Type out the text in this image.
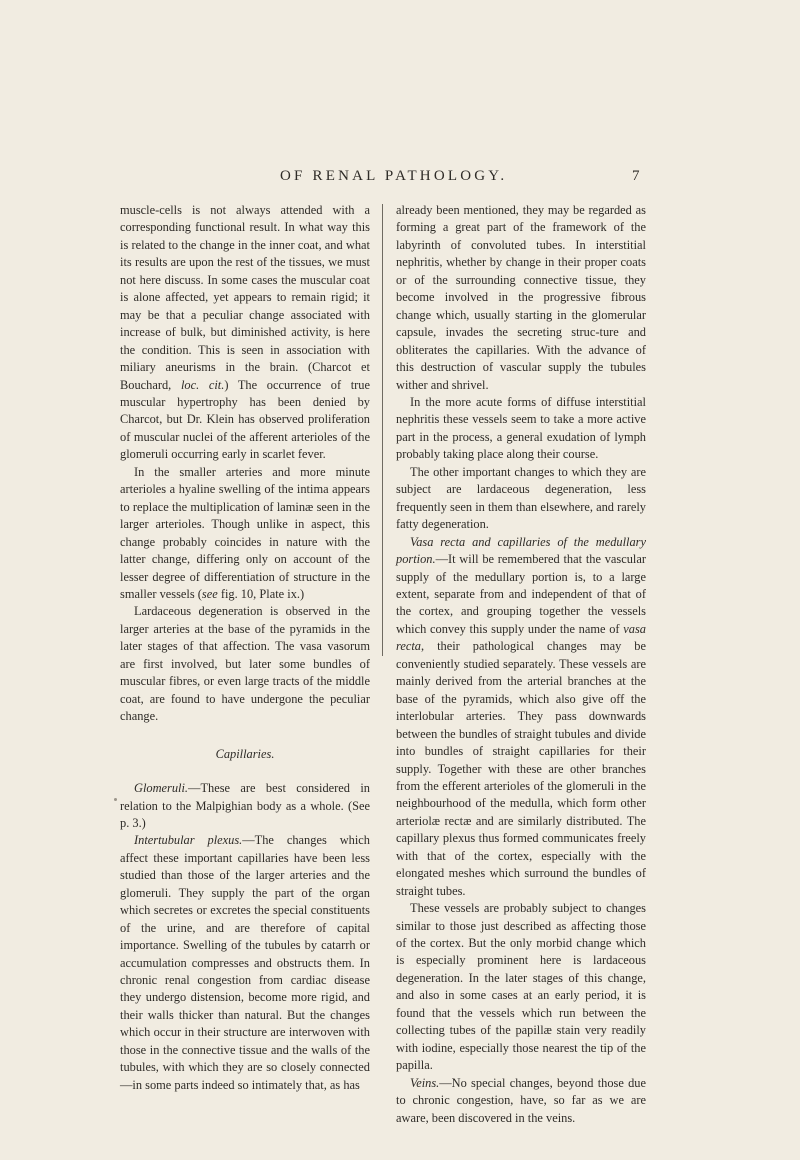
OF RENAL PATHOLOGY.	7

muscle-cells is not always attended with a corresponding functional result. In what way this is related to the change in the inner coat, and what its results are upon the rest of the tissues, we must not here discuss. In some cases the muscular coat is alone affected, yet appears to remain rigid; it may be that a peculiar change associated with increase of bulk, but diminished activity, is here the condition. This is seen in association with miliary aneurisms in the brain. (Charcot et Bouchard, loc. cit.) The occurrence of true muscular hypertrophy has been denied by Charcot, but Dr. Klein has observed proliferation of muscular nuclei of the afferent arterioles of the glomeruli occurring early in scarlet fever.

In the smaller arteries and more minute arterioles a hyaline swelling of the intima appears to replace the multiplication of laminæ seen in the larger arterioles. Though unlike in aspect, this change probably coincides in nature with the latter change, differing only on account of the lesser degree of differentiation of structure in the smaller vessels (see fig. 10, Plate ix.)

Lardaceous degeneration is observed in the larger arteries at the base of the pyramids in the later stages of that affection. The vasa vasorum are first involved, but later some bundles of muscular fibres, or even large tracts of the middle coat, are found to have undergone the peculiar change.

Capillaries.

Glomeruli.—These are best considered in relation to the Malpighian body as a whole. (See p. 3.)

Intertubular plexus.—The changes which affect these important capillaries have been less studied than those of the larger arteries and the glomeruli. They supply the part of the organ which secretes or excretes the special constituents of the urine, and are therefore of capital importance. Swelling of the tubules by catarrh or accumulation compresses and obstructs them. In chronic renal congestion from cardiac disease they undergo distension, become more rigid, and their walls thicker than natural. But the changes which occur in their structure are interwoven with those in the connective tissue and the walls of the tubules, with which they are so closely connected—in some parts indeed so intimately that, as has

already been mentioned, they may be regarded as forming a great part of the framework of the labyrinth of convoluted tubes. In interstitial nephritis, whether by change in their proper coats or of the surrounding connective tissue, they become involved in the progressive fibrous change which, usually starting in the glomerular capsule, invades the secreting struc-ture and obliterates the capillaries. With the advance of this destruction of vascular supply the tubules wither and shrivel.

In the more acute forms of diffuse interstitial nephritis these vessels seem to take a more active part in the process, a general exudation of lymph probably taking place along their course.

The other important changes to which they are subject are lardaceous degeneration, less frequently seen in them than elsewhere, and rarely fatty degeneration.

Vasa recta and capillaries of the medullary portion.—It will be remembered that the vascular supply of the medullary portion is, to a large extent, separate from and independent of that of the cortex, and grouping together the vessels which convey this supply under the name of vasa recta, their pathological changes may be conveniently studied separately. These vessels are mainly derived from the arterial branches at the base of the pyramids, which also give off the interlobular arteries. They pass downwards between the bundles of straight tubules and divide into bundles of straight capillaries for their supply. Together with these are other branches from the efferent arterioles of the glomeruli in the neighbourhood of the medulla, which form other arteriolæ rectæ and are similarly distributed. The capillary plexus thus formed communicates freely with that of the cortex, especially with the elongated meshes which surround the bundles of straight tubes.

These vessels are probably subject to changes similar to those just described as affecting those of the cortex. But the only morbid change which is especially prominent here is lardaceous degeneration. In the later stages of this change, and also in some cases at an early period, it is found that the vessels which run between the collecting tubes of the papillæ stain very readily with iodine, especially those nearest the tip of the papilla.

Veins.—No special changes, beyond those due to chronic congestion, have, so far as we are aware, been discovered in the veins.
